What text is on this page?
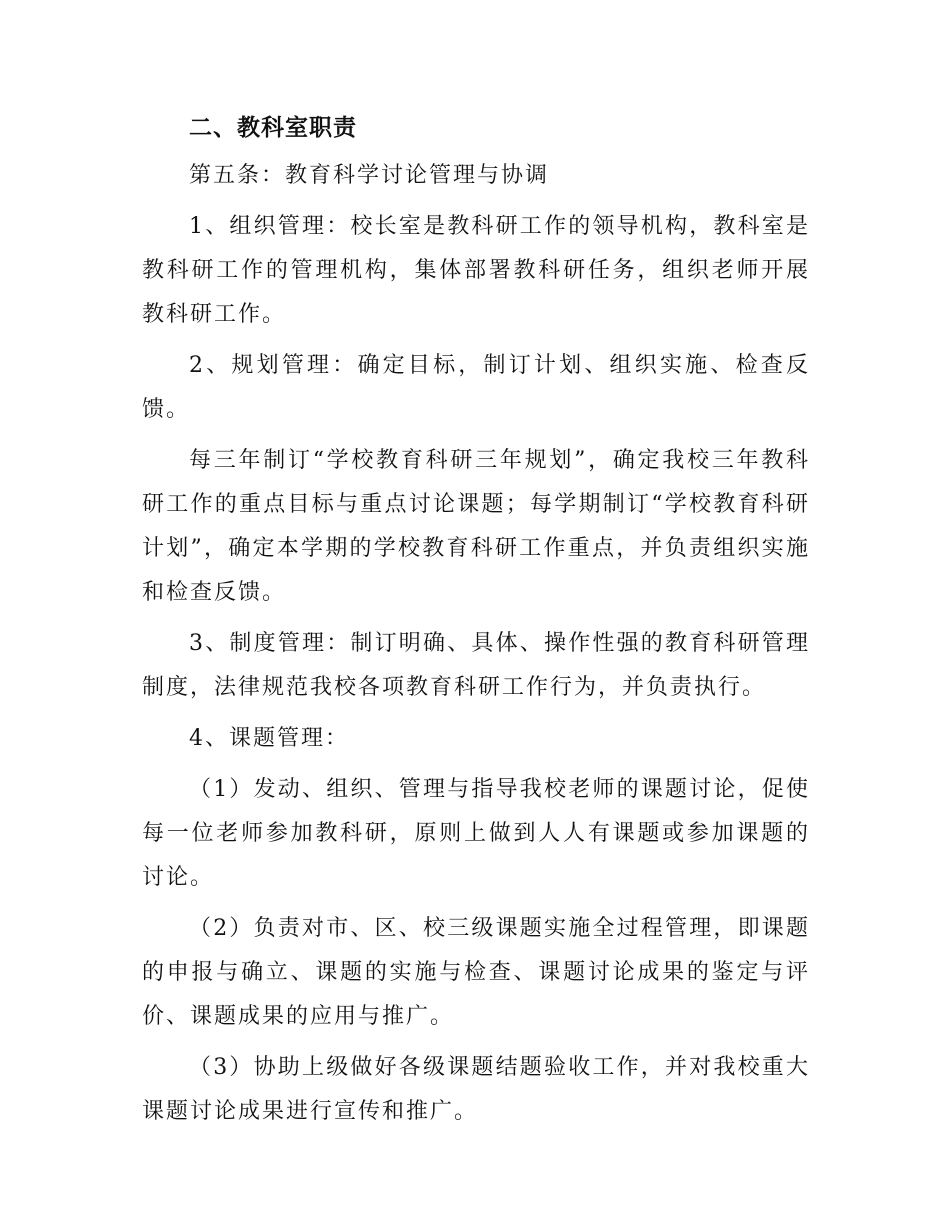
二、教科室职责

第五条：教育科学讨论管理与协调

1、组织管理：校长室是教科研工作的领导机构，教科室是教科研工作的管理机构，集体部署教科研任务，组织老师开展教科研工作。

2、规划管理：确定目标，制订计划、组织实施、检查反馈。

每三年制订“学校教育科研三年规划”，确定我校三年教科研工作的重点目标与重点讨论课题；每学期制订“学校教育科研计划”，确定本学期的学校教育科研工作重点，并负责组织实施和检查反馈。

3、制度管理：制订明确、具体、操作性强的教育科研管理制度，法律规范我校各项教育科研工作行为，并负责执行。

4、课题管理：

（1）发动、组织、管理与指导我校老师的课题讨论，促使每一位老师参加教科研，原则上做到人人有课题或参加课题的讨论。

（2）负责对市、区、校三级课题实施全过程管理，即课题的申报与确立、课题的实施与检查、课题讨论成果的鉴定与评价、课题成果的应用与推广。

（3）协助上级做好各级课题结题验收工作，并对我校重大课题讨论成果进行宣传和推广。
